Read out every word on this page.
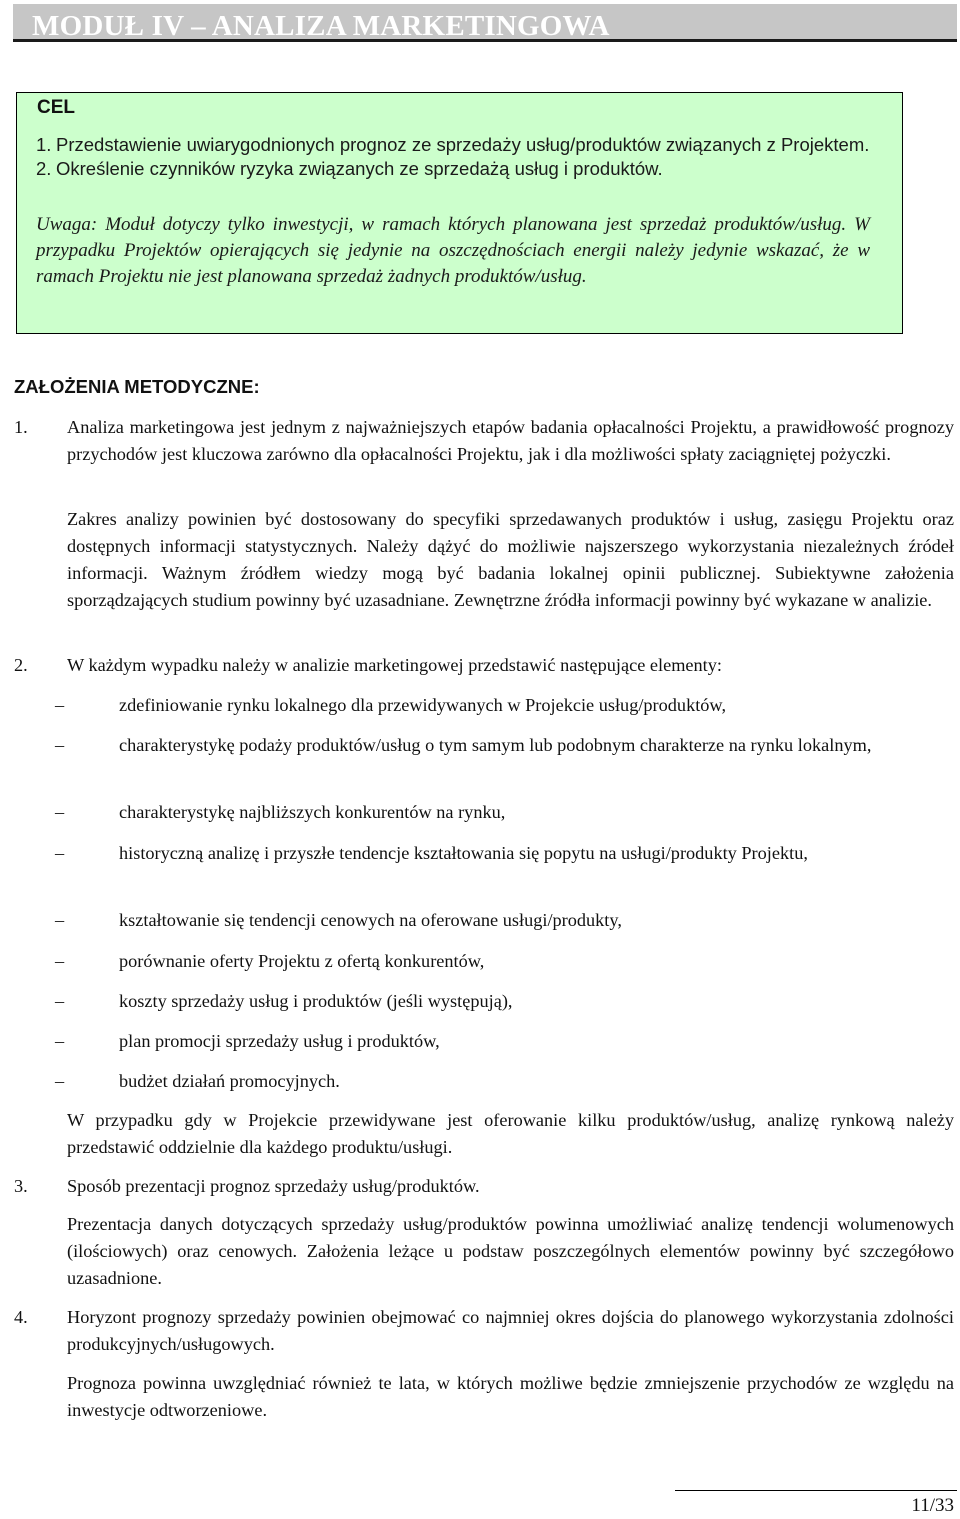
MODUŁ IV – ANALIZA MARKETINGOWA
CEL
1. Przedstawienie uwiarygodnionych prognoz ze sprzedaży usług/produktów związanych z Projektem.
2. Określenie czynników ryzyka związanych ze sprzedażą usług i produktów.

Uwaga: Moduł dotyczy tylko inwestycji, w ramach których planowana jest sprzedaż produktów/usług. W przypadku Projektów opierających się jedynie na oszczędnościach energii należy jedynie wskazać, że w ramach Projektu nie jest planowana sprzedaż żadnych produktów/usług.

ZAŁOŻENIA METODYCZNE:
1. Analiza marketingowa jest jednym z najważniejszych etapów badania opłacalności Projektu, a prawidłowość prognozy przychodów jest kluczowa zarówno dla opłacalności Projektu, jak i dla możliwości spłaty zaciągniętej pożyczki.

Zakres analizy powinien być dostosowany do specyfiki sprzedawanych produktów i usług, zasięgu Projektu oraz dostępnych informacji statystycznych. Należy dążyć do możliwie najszerszego wykorzystania niezależnych źródeł informacji. Ważnym źródłem wiedzy mogą być badania lokalnej opinii publicznej. Subiektywne założenia sporządzających studium powinny być uzasadniane. Zewnętrzne źródła informacji powinny być wykazane w analizie.

2. W każdym wypadku należy w analizie marketingowej przedstawić następujące elementy:
–	zdefiniowanie rynku lokalnego dla przewidywanych w Projekcie usług/produktów,
–	charakterystykę podaży produktów/usług o tym samym lub podobnym charakterze na rynku lokalnym,
–	charakterystykę najbliższych konkurentów na rynku,
–	historyczną analizę i przyszłe tendencje kształtowania się popytu na usługi/produkty Projektu,
–	kształtowanie się tendencji cenowych na oferowane usługi/produkty,
–	porównanie oferty Projektu z ofertą konkurentów,
–	koszty sprzedaży usług i produktów (jeśli występują),
–	plan promocji sprzedaży usług i produktów,
–	budżet działań promocyjnych.

W przypadku gdy w Projekcie przewidywane jest oferowanie kilku produktów/usług, analizę rynkową należy przedstawić oddzielnie dla każdego produktu/usługi.

3. Sposób prezentacji prognoz sprzedaży usług/produktów.

Prezentacja danych dotyczących sprzedaży usług/produktów powinna umożliwiać analizę tendencji wolumenowych (ilościowych) oraz cenowych. Założenia leżące u podstaw poszczególnych elementów powinny być szczegółowo uzasadnione.

4. Horyzont prognozy sprzedaży powinien obejmować co najmniej okres dojścia do planowego wykorzystania zdolności produkcyjnych/usługowych.

Prognoza powinna uwzględniać również te lata, w których możliwe będzie zmniejszenie przychodów ze względu na inwestycje odtworzeniowe.

11/33
